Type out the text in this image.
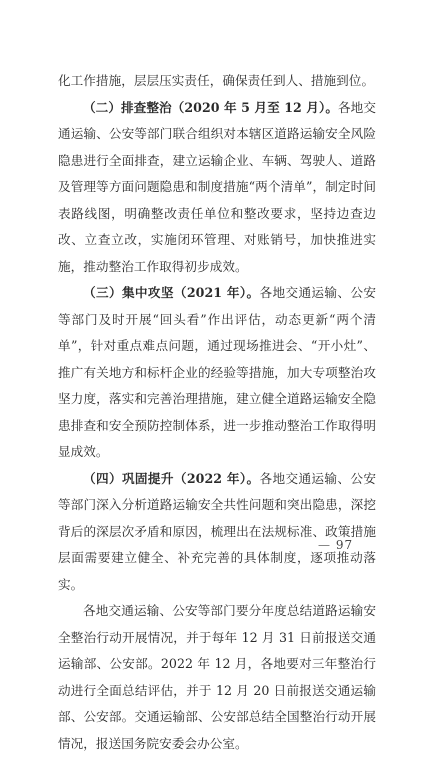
化工作措施，层层压实责任，确保责任到人、措施到位。

（二）排查整治（2020 年 5 月至 12 月）。各地交通运输、公安等部门联合组织对本辖区道路运输安全风险隐患进行全面排查，建立运输企业、车辆、驾驶人、道路及管理等方面问题隐患和制度措施“两个清单”，制定时间表路线图，明确整改责任单位和整改要求，坚持边查边改、立查立改，实施闭环管理、对账销号，加快推进实施，推动整治工作取得初步成效。

（三）集中攻坚（2021 年）。各地交通运输、公安等部门及时开展“回头看”作出评估，动态更新“两个清单”，针对重点难点问题，通过现场推进会、“开小灶”、推广有关地方和标杆企业的经验等措施，加大专项整治攻坚力度，落实和完善治理措施，建立健全道路运输安全隐患排查和安全预防控制体系，进一步推动整治工作取得明显成效。

（四）巩固提升（2022 年）。各地交通运输、公安等部门深入分析道路运输安全共性问题和突出隐患，深挖背后的深层次矛盾和原因，梳理出在法规标准、政策措施层面需要建立健全、补充完善的具体制度，逐项推动落实。

各地交通运输、公安等部门要分年度总结道路运输安全整治行动开展情况，并于每年 12 月 31 日前报送交通运输部、公安部。2022 年 12 月，各地要对三年整治行动进行全面总结评估，并于 12 月 20 日前报送交通运输部、公安部。交通运输部、公安部总结全国整治行动开展情况，报送国务院安委会办公室。

— 97
